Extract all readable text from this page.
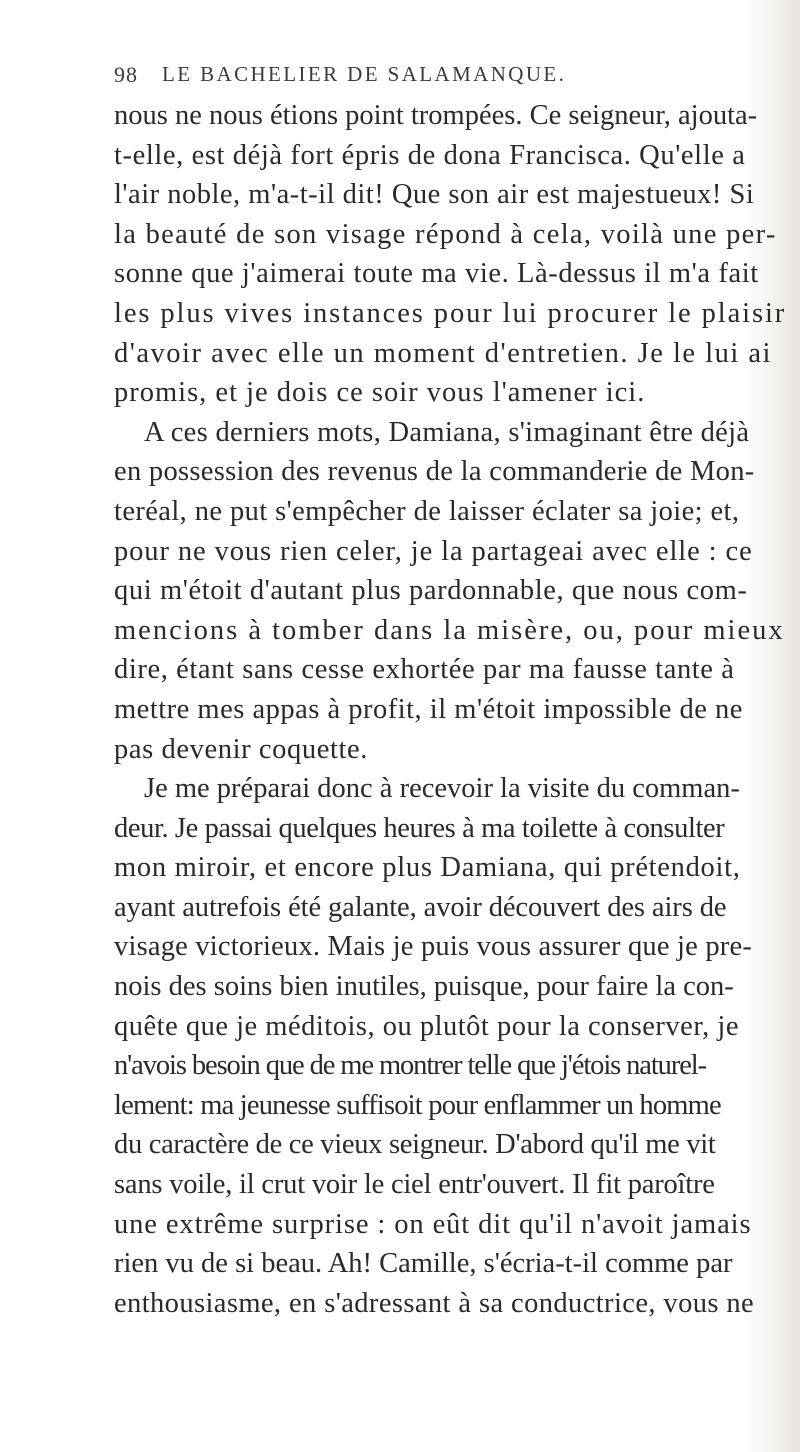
98 LE BACHELIER DE SALAMANQUE.
nous ne nous étions point trompées. Ce seigneur, ajouta-
t-elle, est déjà fort épris de dona Francisca. Qu'elle a
l'air noble, m'a-t-il dit! Que son air est majestueux! Si
la beauté de son visage répond à cela, voilà une per-
sonne que j'aimerai toute ma vie. Là-dessus il m'a fait
les plus vives instances pour lui procurer le plaisir
d'avoir avec elle un moment d'entretien. Je le lui ai
promis, et je dois ce soir vous l'amener ici.
A ces derniers mots, Damiana, s'imaginant être déjà
en possession des revenus de la commanderie de Mon-
teréal, ne put s'empêcher de laisser éclater sa joie; et,
pour ne vous rien celer, je la partageai avec elle : ce
qui m'étoit d'autant plus pardonnable, que nous com-
mencions à tomber dans la misère, ou, pour mieux
dire, étant sans cesse exhortée par ma fausse tante à
mettre mes appas à profit, il m'étoit impossible de ne
pas devenir coquette.
Je me préparai donc à recevoir la visite du comman-
deur. Je passai quelques heures à ma toilette à consulter
mon miroir, et encore plus Damiana, qui prétendoit,
ayant autrefois été galante, avoir découvert des airs de
visage victorieux. Mais je puis vous assurer que je pre-
nois des soins bien inutiles, puisque, pour faire la con-
quête que je méditois, ou plutôt pour la conserver, je
n'avois besoin que de me montrer telle que j'étois naturel-
lement: ma jeunesse suffisoit pour enflammer un homme
du caractère de ce vieux seigneur. D'abord qu'il me vit
sans voile, il crut voir le ciel entr'ouvert. Il fit paroître
une extrême surprise : on eût dit qu'il n'avoit jamais
rien vu de si beau. Ah! Camille, s'écria-t-il comme par
enthousiasme, en s'adressant à sa conductrice, vous ne
